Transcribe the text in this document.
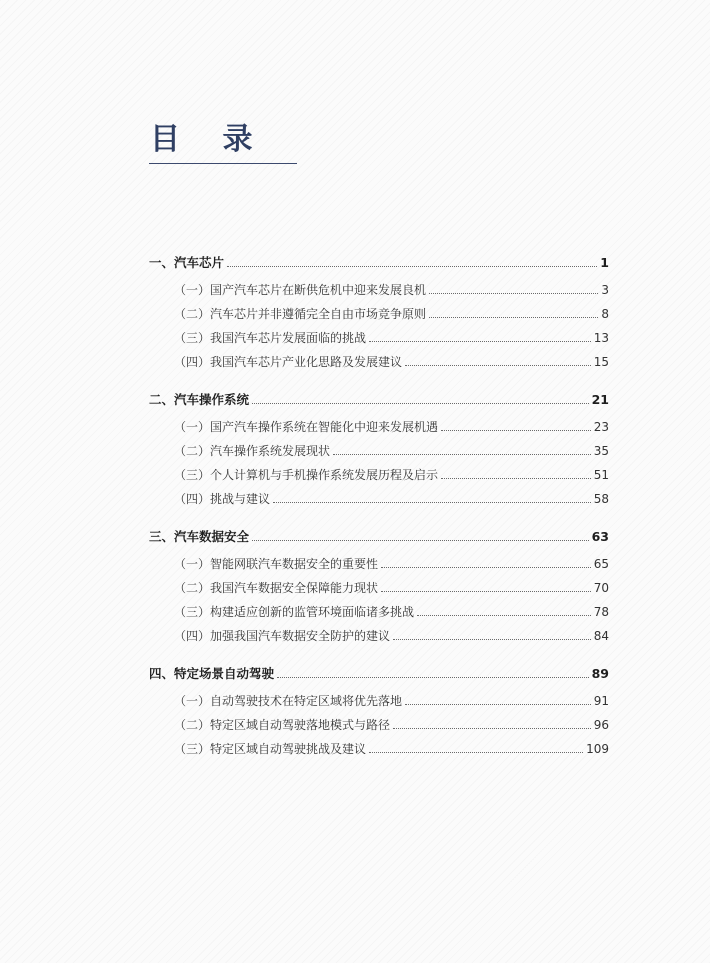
目 录
一、汽车芯片	1
（一）国产汽车芯片在断供危机中迎来发展良机	3
（二）汽车芯片并非遵循完全自由市场竞争原则	8
（三）我国汽车芯片发展面临的挑战	13
（四）我国汽车芯片产业化思路及发展建议	15
二、汽车操作系统	21
（一）国产汽车操作系统在智能化中迎来发展机遇	23
（二）汽车操作系统发展现状	35
（三）个人计算机与手机操作系统发展历程及启示	51
（四）挑战与建议	58
三、汽车数据安全	63
（一）智能网联汽车数据安全的重要性	65
（二）我国汽车数据安全保障能力现状	70
（三）构建适应创新的监管环境面临诸多挑战	78
（四）加强我国汽车数据安全防护的建议	84
四、特定场景自动驾驶	89
（一）自动驾驶技术在特定区域将优先落地	91
（二）特定区域自动驾驶落地模式与路径	96
（三）特定区域自动驾驶挑战及建议	109
